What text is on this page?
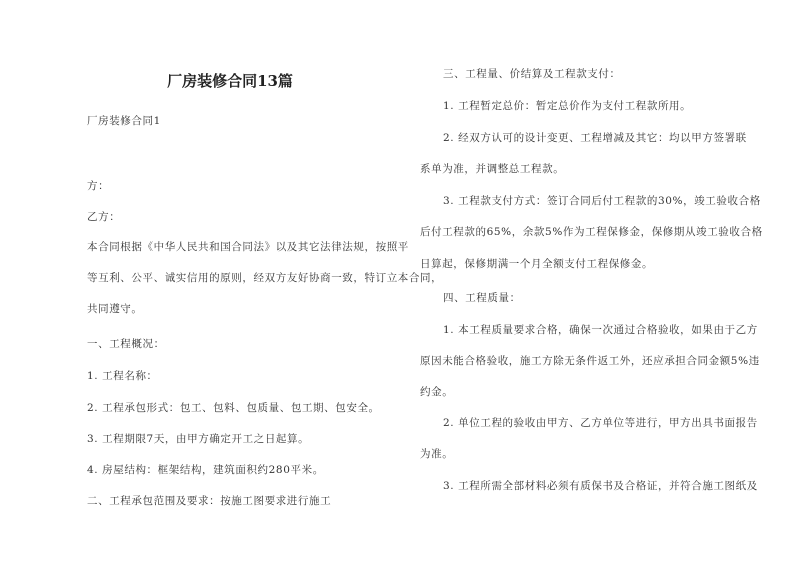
厂房装修合同13篇
厂房装修合同1
方：
乙方：
本合同根据《中华人民共和国合同法》以及其它法律法规，按照平
等互利、公平、诚实信用的原则，经双方友好协商一致，特订立本合同，
共同遵守。
一、工程概况：
1. 工程名称：
2. 工程承包形式：包工、包料、包质量、包工期、包安全。
3. 工程期限7天，由甲方确定开工之日起算。
4. 房屋结构：框架结构，建筑面积约280平米。
二、工程承包范围及要求：按施工图要求进行施工
三、工程量、价结算及工程款支付：
1. 工程暂定总价：暂定总价作为支付工程款所用。
2. 经双方认可的设计变更、工程增减及其它：均以甲方签署联
系单为准，并调整总工程款。
3. 工程款支付方式：签订合同后付工程款的30%，竣工验收合格
后付工程款的65%，余款5%作为工程保修金，保修期从竣工验收合格
日算起，保修期满一个月全额支付工程保修金。
四、工程质量：
1. 本工程质量要求合格，确保一次通过合格验收，如果由于乙方
原因未能合格验收，施工方除无条件返工外，还应承担合同金额5%违
约金。
2. 单位工程的验收由甲方、乙方单位等进行，甲方出具书面报告
为准。
3. 工程所需全部材料必须有质保书及合格证，并符合施工图纸及
